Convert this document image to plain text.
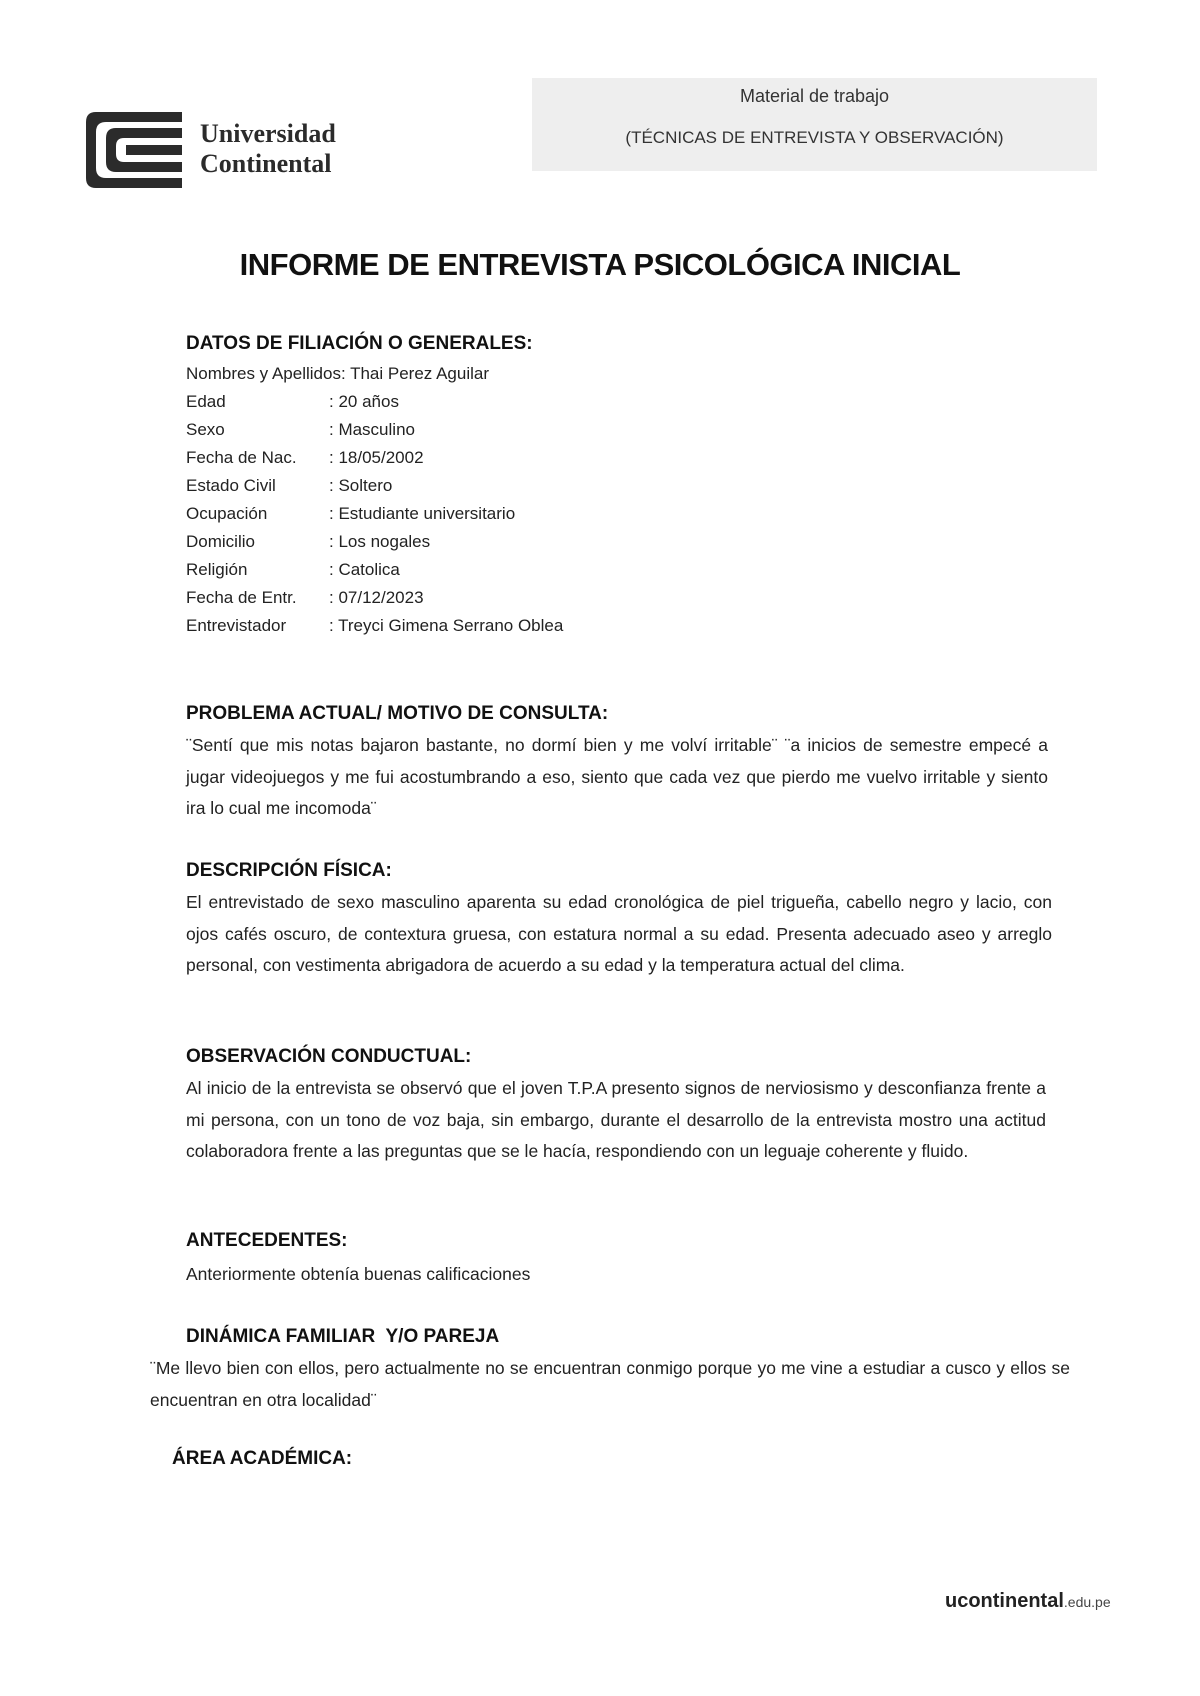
Universidad
Continental
Material de trabajo
(TÉCNICAS DE ENTREVISTA Y OBSERVACIÓN)
INFORME DE ENTREVISTA PSICOLÓGICA INICIAL
DATOS DE FILIACIÓN O GENERALES:
Nombres y Apellidos: Thai Perez Aguilar
Edad	: 20 años
Sexo	: Masculino
Fecha de Nac. : 18/05/2002
Estado Civil	: Soltero
Ocupación	: Estudiante universitario
Domicilio	: Los nogales
Religión	: Catolica
Fecha de Entr. : 07/12/2023
Entrevistador	: Treyci Gimena Serrano Oblea
PROBLEMA ACTUAL/ MOTIVO DE CONSULTA:
¨Sentí que mis notas bajaron bastante, no dormí bien y me volví irritable¨ ¨a inicios de semestre empecé a jugar videojuegos y me fui acostumbrando a eso, siento que cada vez que pierdo me vuelvo irritable y siento ira lo cual me incomoda¨
DESCRIPCIÓN FÍSICA:
El entrevistado de sexo masculino aparenta su edad cronológica de piel trigueña, cabello negro y lacio, con ojos cafés oscuro, de contextura gruesa, con estatura normal a su edad. Presenta adecuado aseo y arreglo personal, con vestimenta abrigadora de acuerdo a su edad y la temperatura actual del clima.
OBSERVACIÓN CONDUCTUAL:
Al inicio de la entrevista se observó que el joven T.P.A presento signos de nerviosismo y desconfianza frente a mi persona, con un tono de voz baja, sin embargo, durante el desarrollo de la entrevista mostro una actitud colaboradora frente a las preguntas que se le hacía, respondiendo con un leguaje coherente y fluido.
ANTECEDENTES:
Anteriormente obtenía buenas calificaciones
DINÁMICA FAMILIAR  Y/O PAREJA
¨Me llevo bien con ellos, pero actualmente no se encuentran conmigo porque yo me vine a estudiar a cusco y ellos se encuentran en otra localidad¨
ÁREA ACADÉMICA:
ucontinental.edu.pe
